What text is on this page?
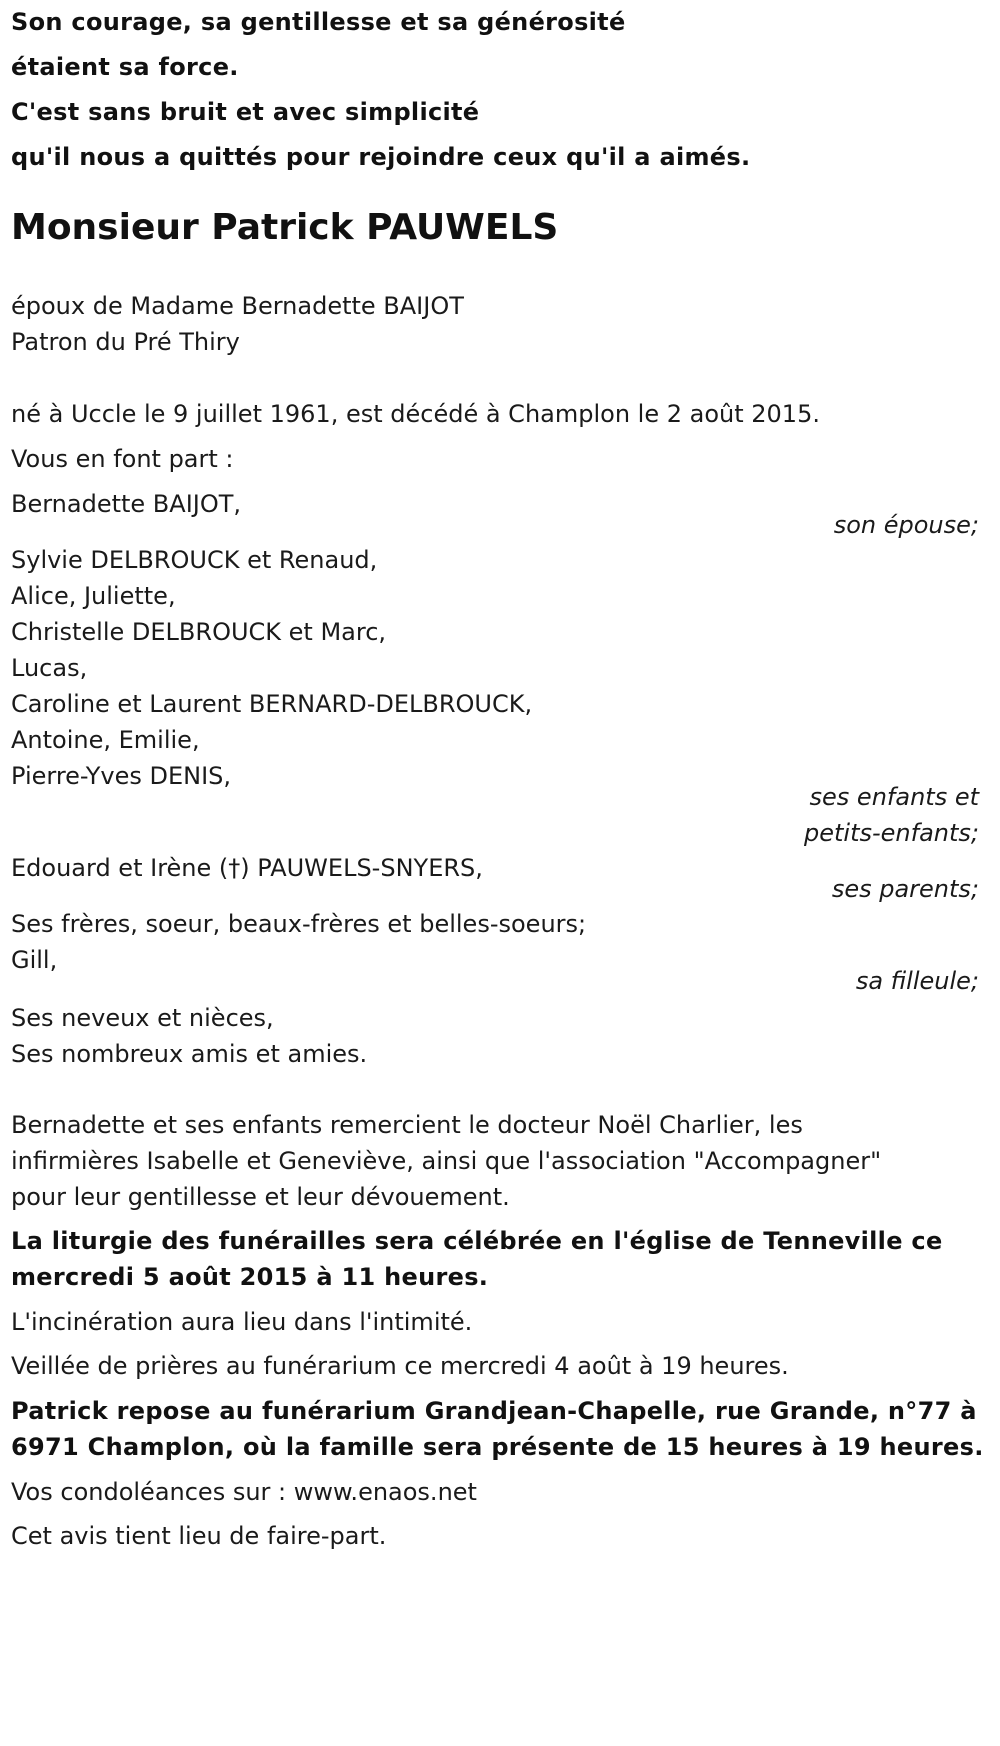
Son courage, sa gentillesse et sa générosité
étaient sa force.
C'est sans bruit et avec simplicité
qu'il nous a quittés pour rejoindre ceux qu'il a aimés.
Monsieur Patrick PAUWELS
époux de Madame Bernadette BAIJOT
Patron du Pré Thiry
né à Uccle le 9 juillet 1961, est décédé à Champlon le 2 août 2015.
Vous en font part :
Bernadette BAIJOT,
son épouse;
Sylvie DELBROUCK et Renaud,
Alice, Juliette,
Christelle DELBROUCK et Marc,
Lucas,
Caroline et Laurent BERNARD-DELBROUCK,
Antoine, Emilie,
Pierre-Yves DENIS,
ses enfants et
petits-enfants;
Edouard et Irène (†) PAUWELS-SNYERS,
ses parents;
Ses frères, soeur, beaux-frères et belles-soeurs;
Gill,
sa filleule;
Ses neveux et nièces,
Ses nombreux amis et amies.
Bernadette et ses enfants remercient le docteur Noël Charlier, les
infirmières Isabelle et Geneviève, ainsi que l'association "Accompagner"
pour leur gentillesse et leur dévouement.
La liturgie des funérailles sera célébrée en l'église de Tenneville ce
mercredi 5 août 2015 à 11 heures.
L'incinération aura lieu dans l'intimité.
Veillée de prières au funérarium ce mercredi 4 août à 19 heures.
Patrick repose au funérarium Grandjean-Chapelle, rue Grande, n°77 à
6971 Champlon, où la famille sera présente de 15 heures à 19 heures.
Vos condoléances sur : www.enaos.net
Cet avis tient lieu de faire-part.
